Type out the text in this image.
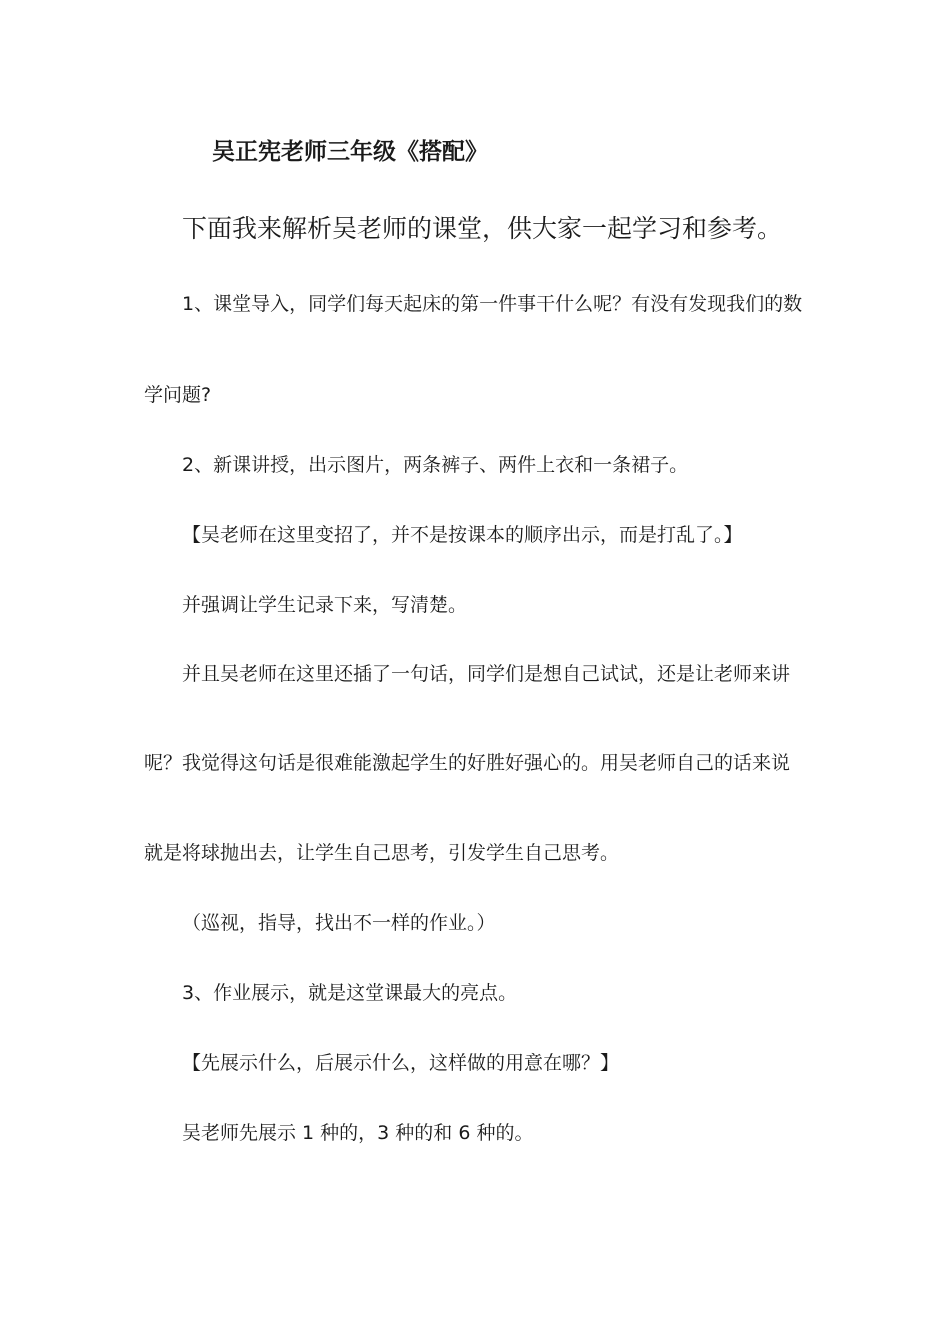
吴正宪老师三年级《搭配》
下面我来解析吴老师的课堂，供大家一起学习和参考。
1、课堂导入，同学们每天起床的第一件事干什么呢？有没有发现我们的数
学问题?
2、新课讲授，出示图片，两条裤子、两件上衣和一条裙子。
【吴老师在这里变招了，并不是按课本的顺序出示，而是打乱了。】
并强调让学生记录下来，写清楚。
并且吴老师在这里还插了一句话，同学们是想自己试试，还是让老师来讲
呢？我觉得这句话是很难能激起学生的好胜好强心的。用吴老师自己的话来说
就是将球抛出去，让学生自己思考，引发学生自己思考。
（巡视，指导，找出不一样的作业。）
3、作业展示，就是这堂课最大的亮点。
【先展示什么，后展示什么，这样做的用意在哪？】
吴老师先展示 1 种的，3 种的和 6 种的。
